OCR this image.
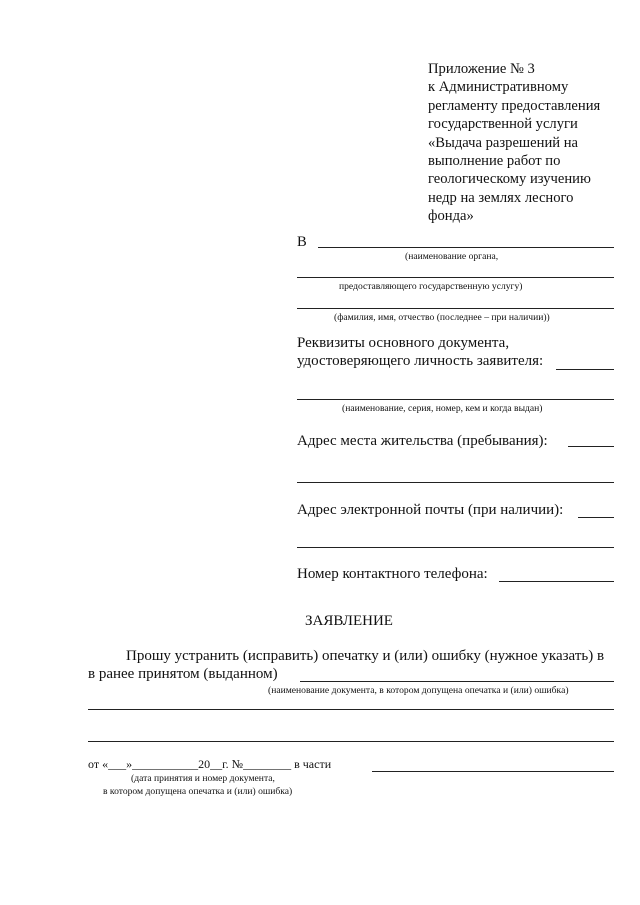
Приложение № 3
к Административному
регламенту предоставления
государственной услуги
«Выдача разрешений на
выполнение работ по
геологическому изучению
недр на землях лесного
фонда»
В
(наименование органа,
предоставляющего государственную услугу)
(фамилия, имя, отчество (последнее – при наличии))
Реквизиты основного документа,
удостоверяющего личность заявителя:
(наименование, серия, номер, кем и когда выдан)
Адрес места жительства (пребывания):
Адрес электронной почты (при наличии):
Номер контактного телефона:
ЗАЯВЛЕНИЕ
Прошу устранить (исправить) опечатку и (или) ошибку (нужное указать) в
в ранее принятом (выданном)
(наименование документа, в котором допущена опечатка и (или) ошибка)
от «___»___________20__г. №________ в части
(дата принятия и номер документа,
в котором допущена опечатка и (или) ошибка)
